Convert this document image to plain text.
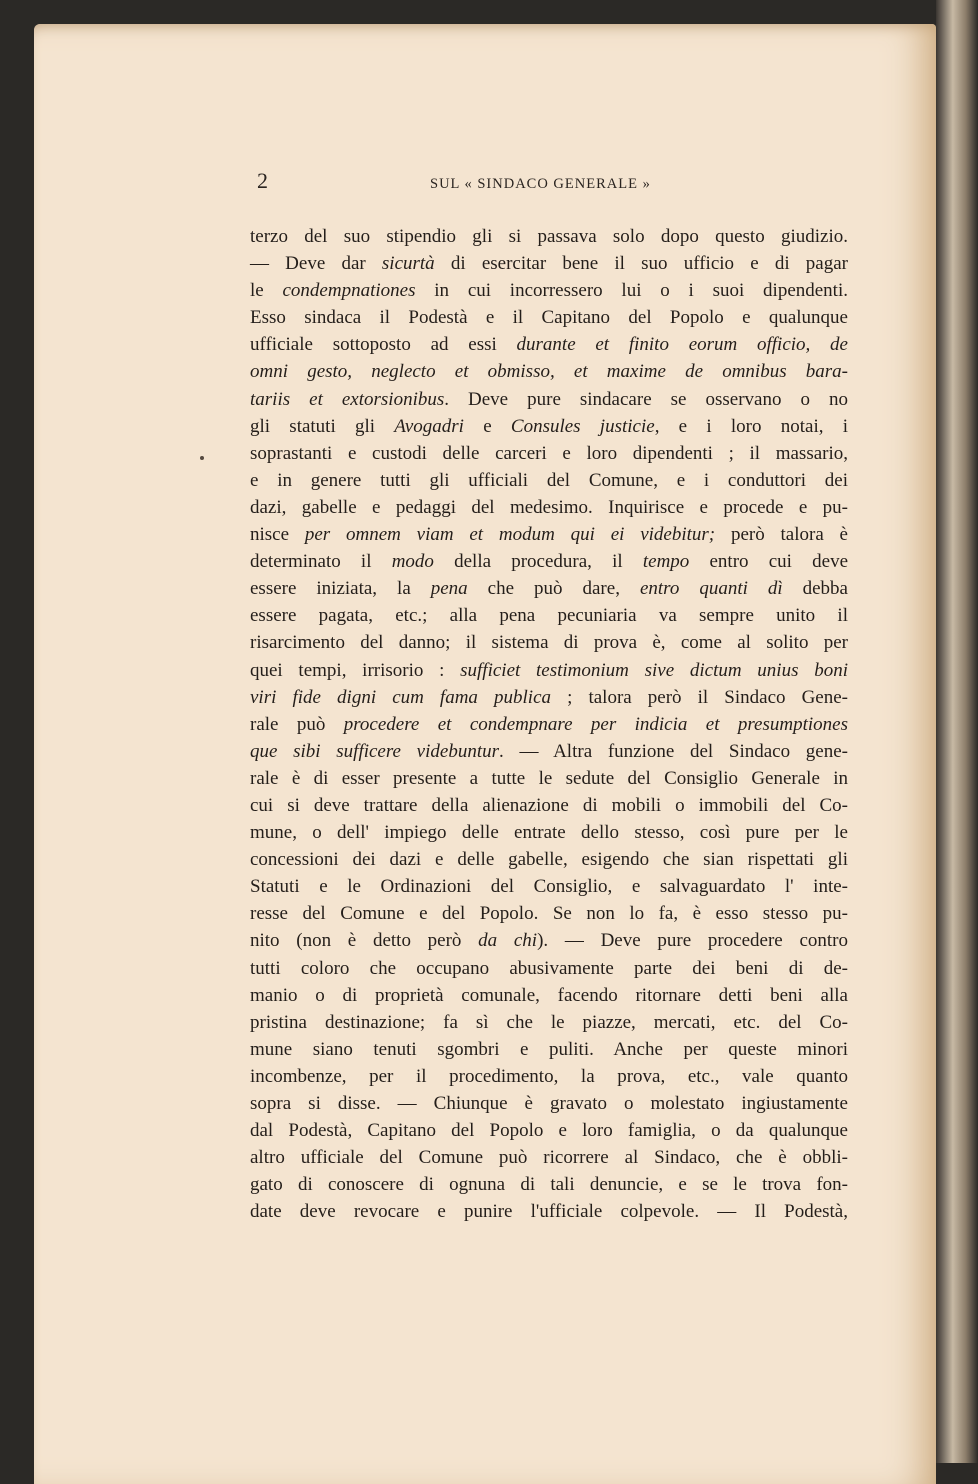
2	SUL « SINDACO GENERALE »
terzo del suo stipendio gli si passava solo dopo questo giudizio.
— Deve dar sicurtà di esercitar bene il suo ufficio e di pagar
le condempnationes in cui incorressero lui o i suoi dipendenti.
Esso sindaca il Podestà e il Capitano del Popolo e qualunque
ufficiale sottoposto ad essi durante et finito eorum officio, de
omni gesto, neglecto et obmisso, et maxime de omnibus bara-
tariis et extorsionibus. Deve pure sindacare se osservano o no
gli statuti gli Avogadri e Consules justicie, e i loro notai, i
soprastanti e custodi delle carceri e loro dipendenti ; il massario,
e in genere tutti gli ufficiali del Comune, e i conduttori dei
dazi, gabelle e pedaggi del medesimo. Inquirisce e procede e pu-
nisce per omnem viam et modum qui ei videbitur; però talora è
determinato il modo della procedura, il tempo entro cui deve
essere iniziata, la pena che può dare, entro quanti dì debba
essere pagata, etc.; alla pena pecuniaria va sempre unito il
risarcimento del danno; il sistema di prova è, come al solito per
quei tempi, irrisorio : sufficiet testimonium sive dictum unius boni
viri fide digni cum fama publica ; talora però il Sindaco Gene-
rale può procedere et condempnare per indicia et presumptiones
que sibi sufficere videbuntur. — Altra funzione del Sindaco gene-
rale è di esser presente a tutte le sedute del Consiglio Generale in
cui si deve trattare della alienazione di mobili o immobili del Co-
mune, o dell' impiego delle entrate dello stesso, così pure per le
concessioni dei dazi e delle gabelle, esigendo che sian rispettati gli
Statuti e le Ordinazioni del Consiglio, e salvaguardato l' inte-
resse del Comune e del Popolo. Se non lo fa, è esso stesso pu-
nito (non è detto però da chi). — Deve pure procedere contro
tutti coloro che occupano abusivamente parte dei beni di de-
manio o di proprietà comunale, facendo ritornare detti beni alla
pristina destinazione; fa sì che le piazze, mercati, etc. del Co-
mune siano tenuti sgombri e puliti. Anche per queste minori
incombenze, per il procedimento, la prova, etc., vale quanto
sopra si disse. — Chiunque è gravato o molestato ingiustamente
dal Podestà, Capitano del Popolo e loro famiglia, o da qualunque
altro ufficiale del Comune può ricorrere al Sindaco, che è obbli-
gato di conoscere di ognuna di tali denuncie, e se le trova fon-
date deve revocare e punire l'ufficiale colpevole. — Il Podestà,
